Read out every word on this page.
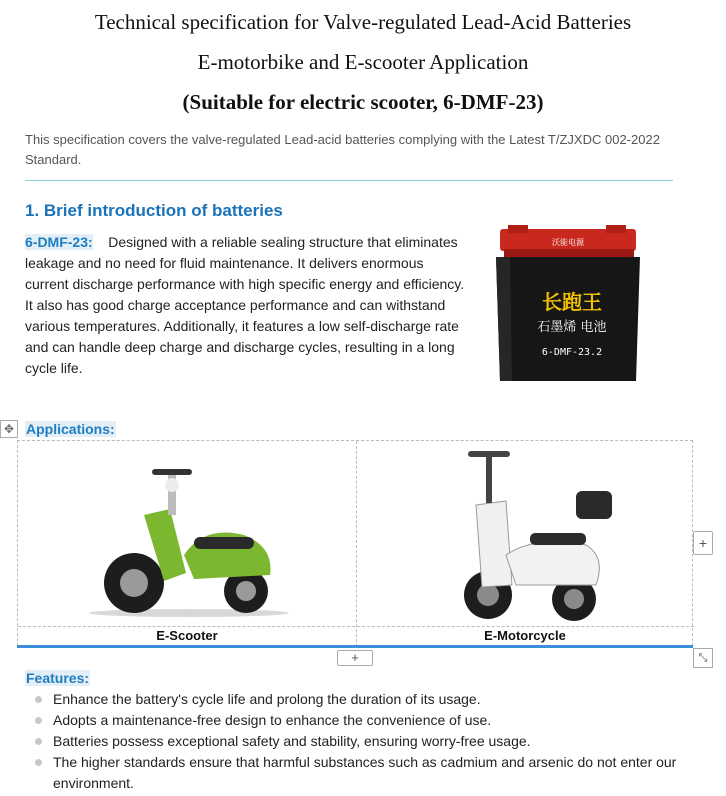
Technical specification for Valve-regulated Lead-Acid Batteries
E-motorbike and E-scooter Application
(Suitable for electric scooter, 6-DMF-23)
This specification covers the valve-regulated Lead-acid batteries complying with the Latest T/ZJXDC 002-2022 Standard.
1. Brief introduction of batteries
6-DMF-23: Designed with a reliable sealing structure that eliminates leakage and no need for fluid maintenance. It delivers enormous current discharge performance with high specific energy and efficiency. It also has good charge acceptance performance and can withstand various temperatures. Additionally, it features a low self-discharge rate and can handle deep charge and discharge cycles, resulting in a long cycle life.
沃能电源
长跑王
石墨烯 电池
6-DMF-23.2
✥ Applications:
E-Scooter	E-Motorcycle
+
+	⤡
Features:
Enhance the battery's cycle life and prolong the duration of its usage.
Adopts a maintenance-free design to enhance the convenience of use.
Batteries possess exceptional safety and stability, ensuring worry-free usage.
The higher standards ensure that harmful substances such as cadmium and arsenic do not enter our environment.
